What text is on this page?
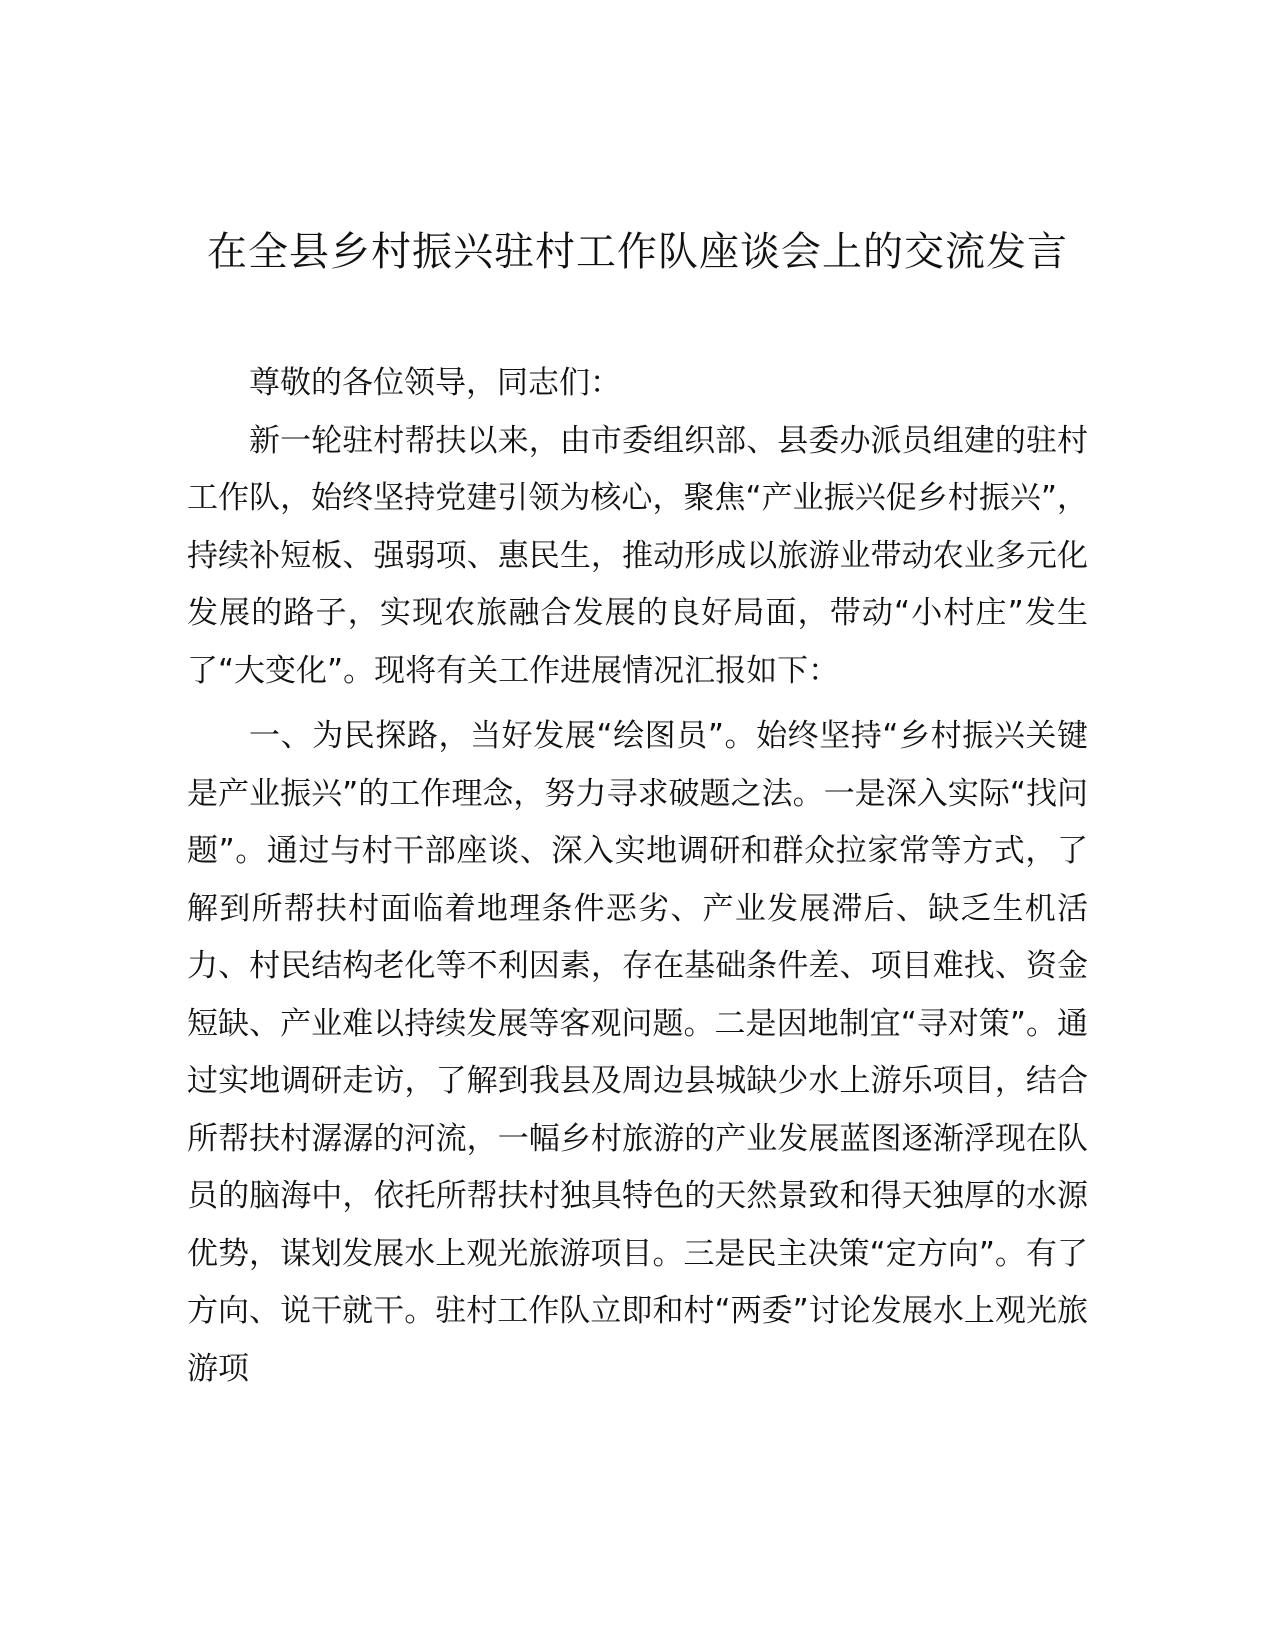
在全县乡村振兴驻村工作队座谈会上的交流发言

尊敬的各位领导，同志们：

新一轮驻村帮扶以来，由市委组织部、县委办派员组建的驻村工作队，始终坚持党建引领为核心，聚焦“产业振兴促乡村振兴”，持续补短板、强弱项、惠民生，推动形成以旅游业带动农业多元化发展的路子，实现农旅融合发展的良好局面，带动“小村庄”发生了“大变化”。现将有关工作进展情况汇报如下：

一、为民探路，当好发展“绘图员”。始终坚持“乡村振兴关键是产业振兴”的工作理念，努力寻求破题之法。一是深入实际“找问题”。通过与村干部座谈、深入实地调研和群众拉家常等方式，了解到所帮扶村面临着地理条件恶劣、产业发展滞后、缺乏生机活力、村民结构老化等不利因素，存在基础条件差、项目难找、资金短缺、产业难以持续发展等客观问题。二是因地制宜“寻对策”。通过实地调研走访，了解到我县及周边县城缺少水上游乐项目，结合所帮扶村潺潺的河流，一幅乡村旅游的产业发展蓝图逐渐浮现在队员的脑海中，依托所帮扶村独具特色的天然景致和得天独厚的水源优势，谋划发展水上观光旅游项目。三是民主决策“定方向”。有了方向、说干就干。驻村工作队立即和村“两委”讨论发展水上观光旅游项
